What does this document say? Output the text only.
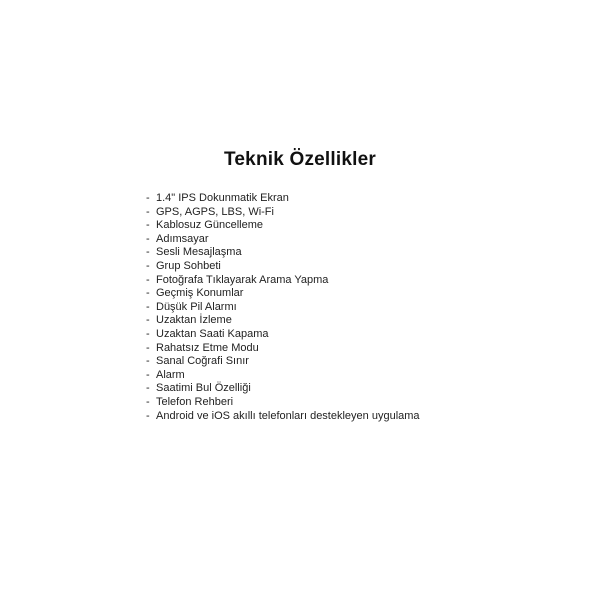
Teknik Özellikler
- 1.4" IPS Dokunmatik Ekran
- GPS, AGPS, LBS, Wi-Fi
- Kablosuz Güncelleme
- Adımsayar
- Sesli Mesajlaşma
- Grup Sohbeti
- Fotoğrafa Tıklayarak Arama Yapma
- Geçmiş Konumlar
- Düşük Pil Alarmı
- Uzaktan İzleme
- Uzaktan Saati Kapama
- Rahatsız Etme Modu
- Sanal Coğrafi Sınır
- Alarm
- Saatimi Bul Özelliği
- Telefon Rehberi
- Android ve iOS akıllı telefonları destekleyen uygulama
